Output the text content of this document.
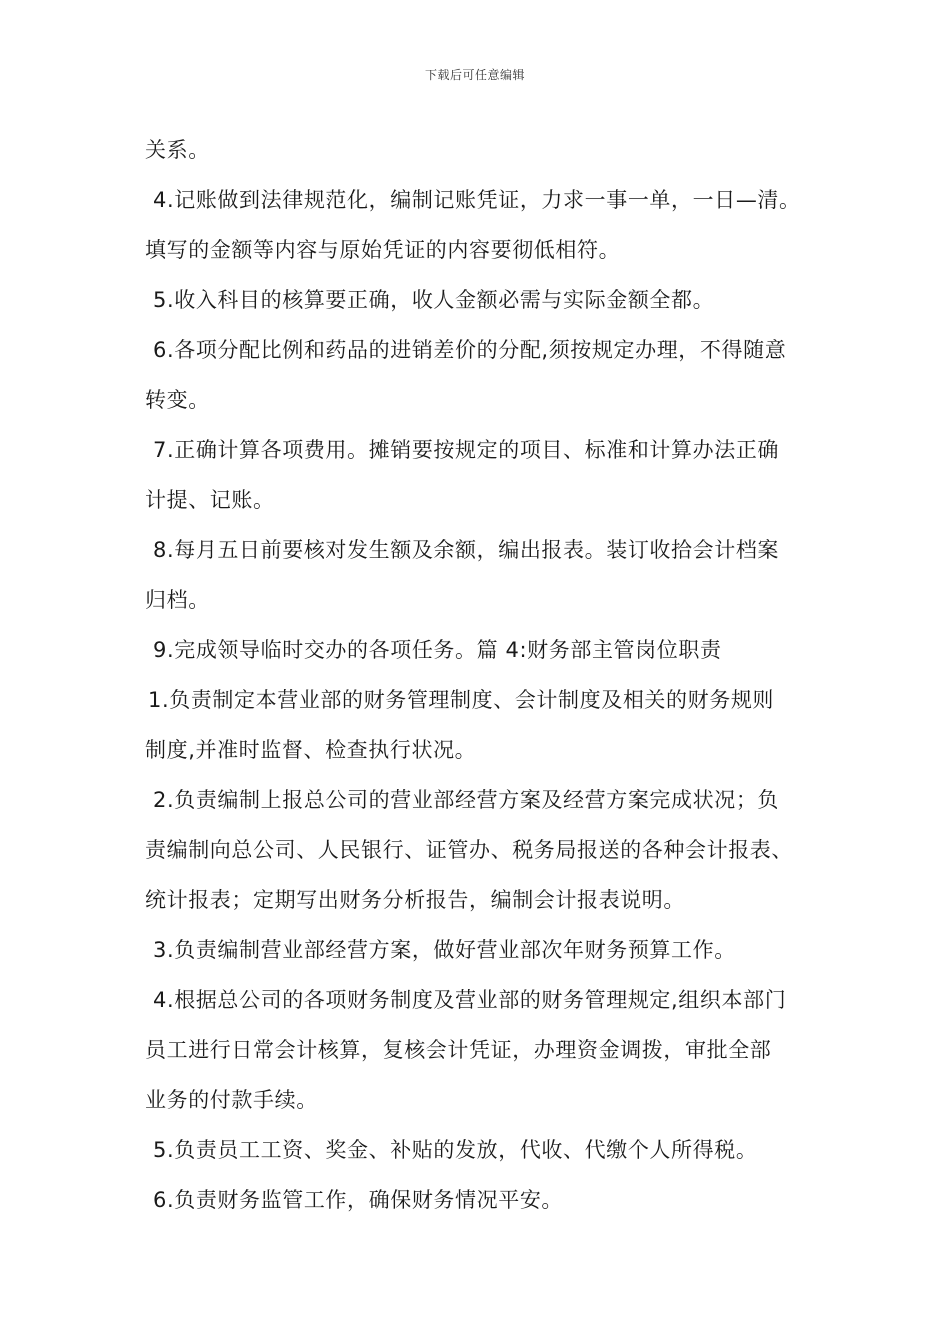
下载后可任意编辑
关系。
4.记账做到法律规范化，编制记账凭证，力求一事一单，一日—清。
填写的金额等内容与原始凭证的内容要彻低相符。
5.收入科目的核算要正确，收人金额必需与实际金额全都。
6.各项分配比例和药品的进销差价的分配,须按规定办理，不得随意
转变。
7.正确计算各项费用。摊销要按规定的项目、标准和计算办法正确
计提、记账。
8.每月五日前要核对发生额及余额，编出报表。装订收拾会计档案
归档。
9.完成领导临时交办的各项任务。篇 4:财务部主管岗位职责
1.负责制定本营业部的财务管理制度、会计制度及相关的财务规则
制度,并准时监督、检查执行状况。
2.负责编制上报总公司的营业部经营方案及经营方案完成状况；负
责编制向总公司、人民银行、证管办、税务局报送的各种会计报表、
统计报表；定期写出财务分析报告，编制会计报表说明。
3.负责编制营业部经营方案，做好营业部次年财务预算工作。
4.根据总公司的各项财务制度及营业部的财务管理规定,组织本部门
员工进行日常会计核算，复核会计凭证，办理资金调拨，审批全部
业务的付款手续。
5.负责员工工资、奖金、补贴的发放，代收、代缴个人所得税。
6.负责财务监管工作，确保财务情况平安。
